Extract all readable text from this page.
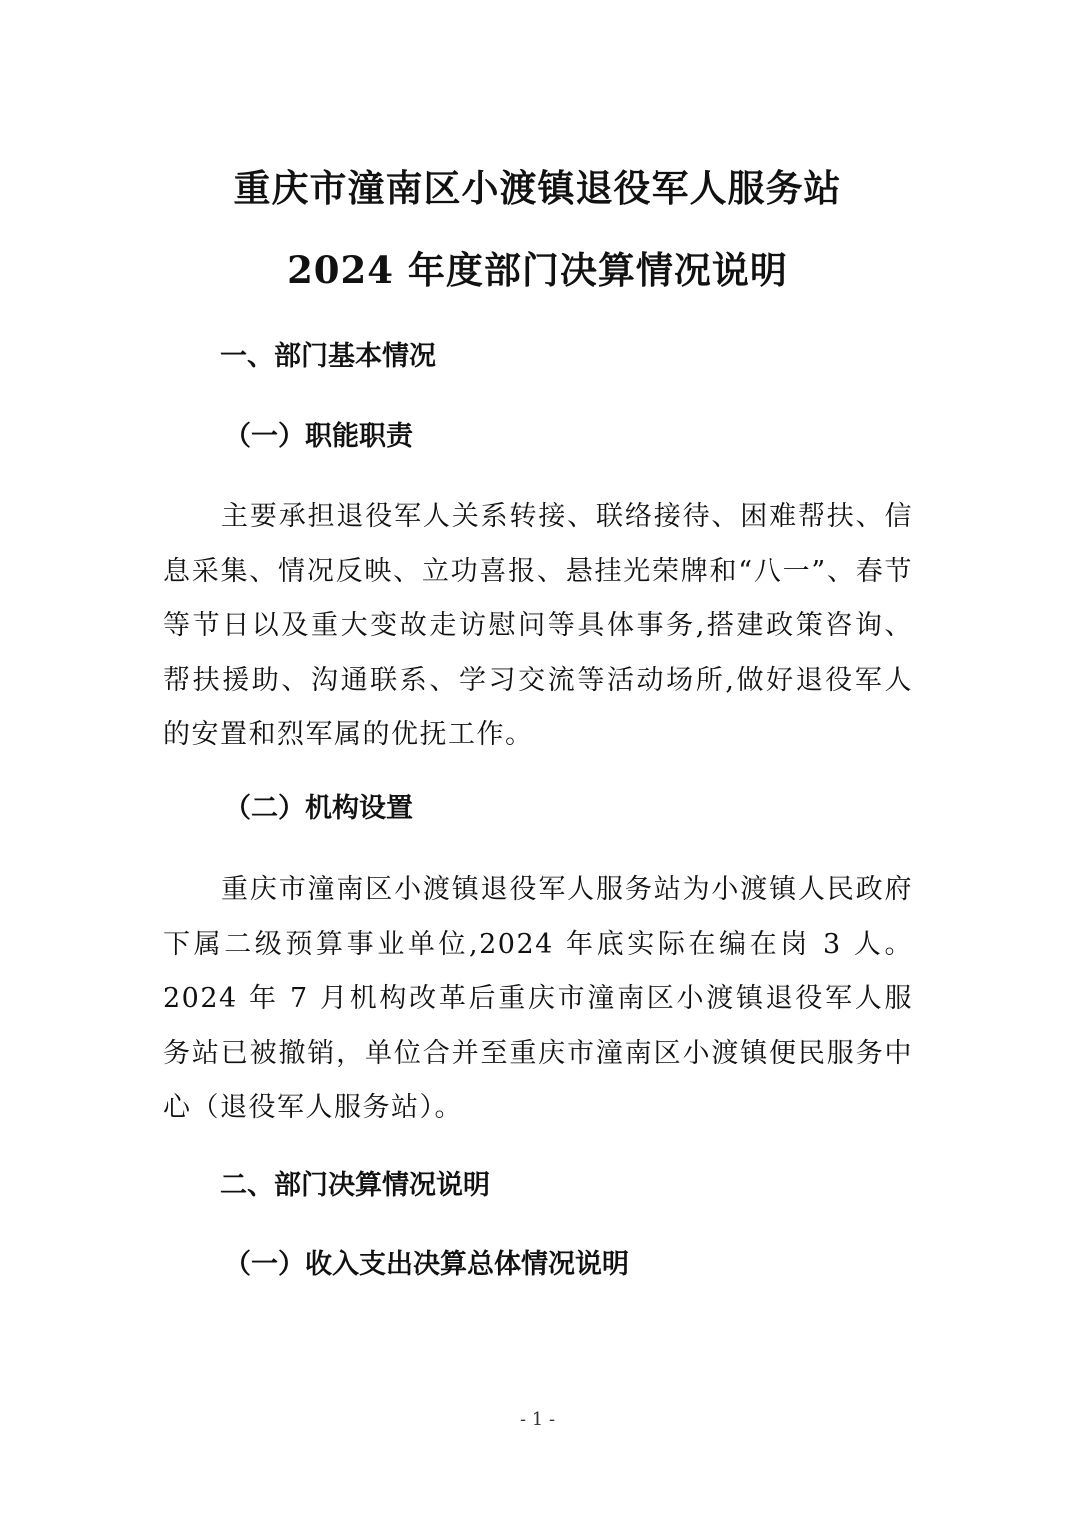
重庆市潼南区小渡镇退役军人服务站
2024 年度部门决算情况说明
一、部门基本情况
（一）职能职责

主要承担退役军人关系转接、联络接待、困难帮扶、信息采集、情况反映、立功喜报、悬挂光荣牌和“八一”、春节等节日以及重大变故走访慰问等具体事务,搭建政策咨询、帮扶援助、沟通联系、学习交流等活动场所,做好退役军人的安置和烈军属的优抚工作。

（二）机构设置

重庆市潼南区小渡镇退役军人服务站为小渡镇人民政府下属二级预算事业单位,2024 年底实际在编在岗 3 人。2024 年 7 月机构改革后重庆市潼南区小渡镇退役军人服务站已被撤销，单位合并至重庆市潼南区小渡镇便民服务中心（退役军人服务站）。

二、部门决算情况说明
（一）收入支出决算总体情况说明
- 1 -
